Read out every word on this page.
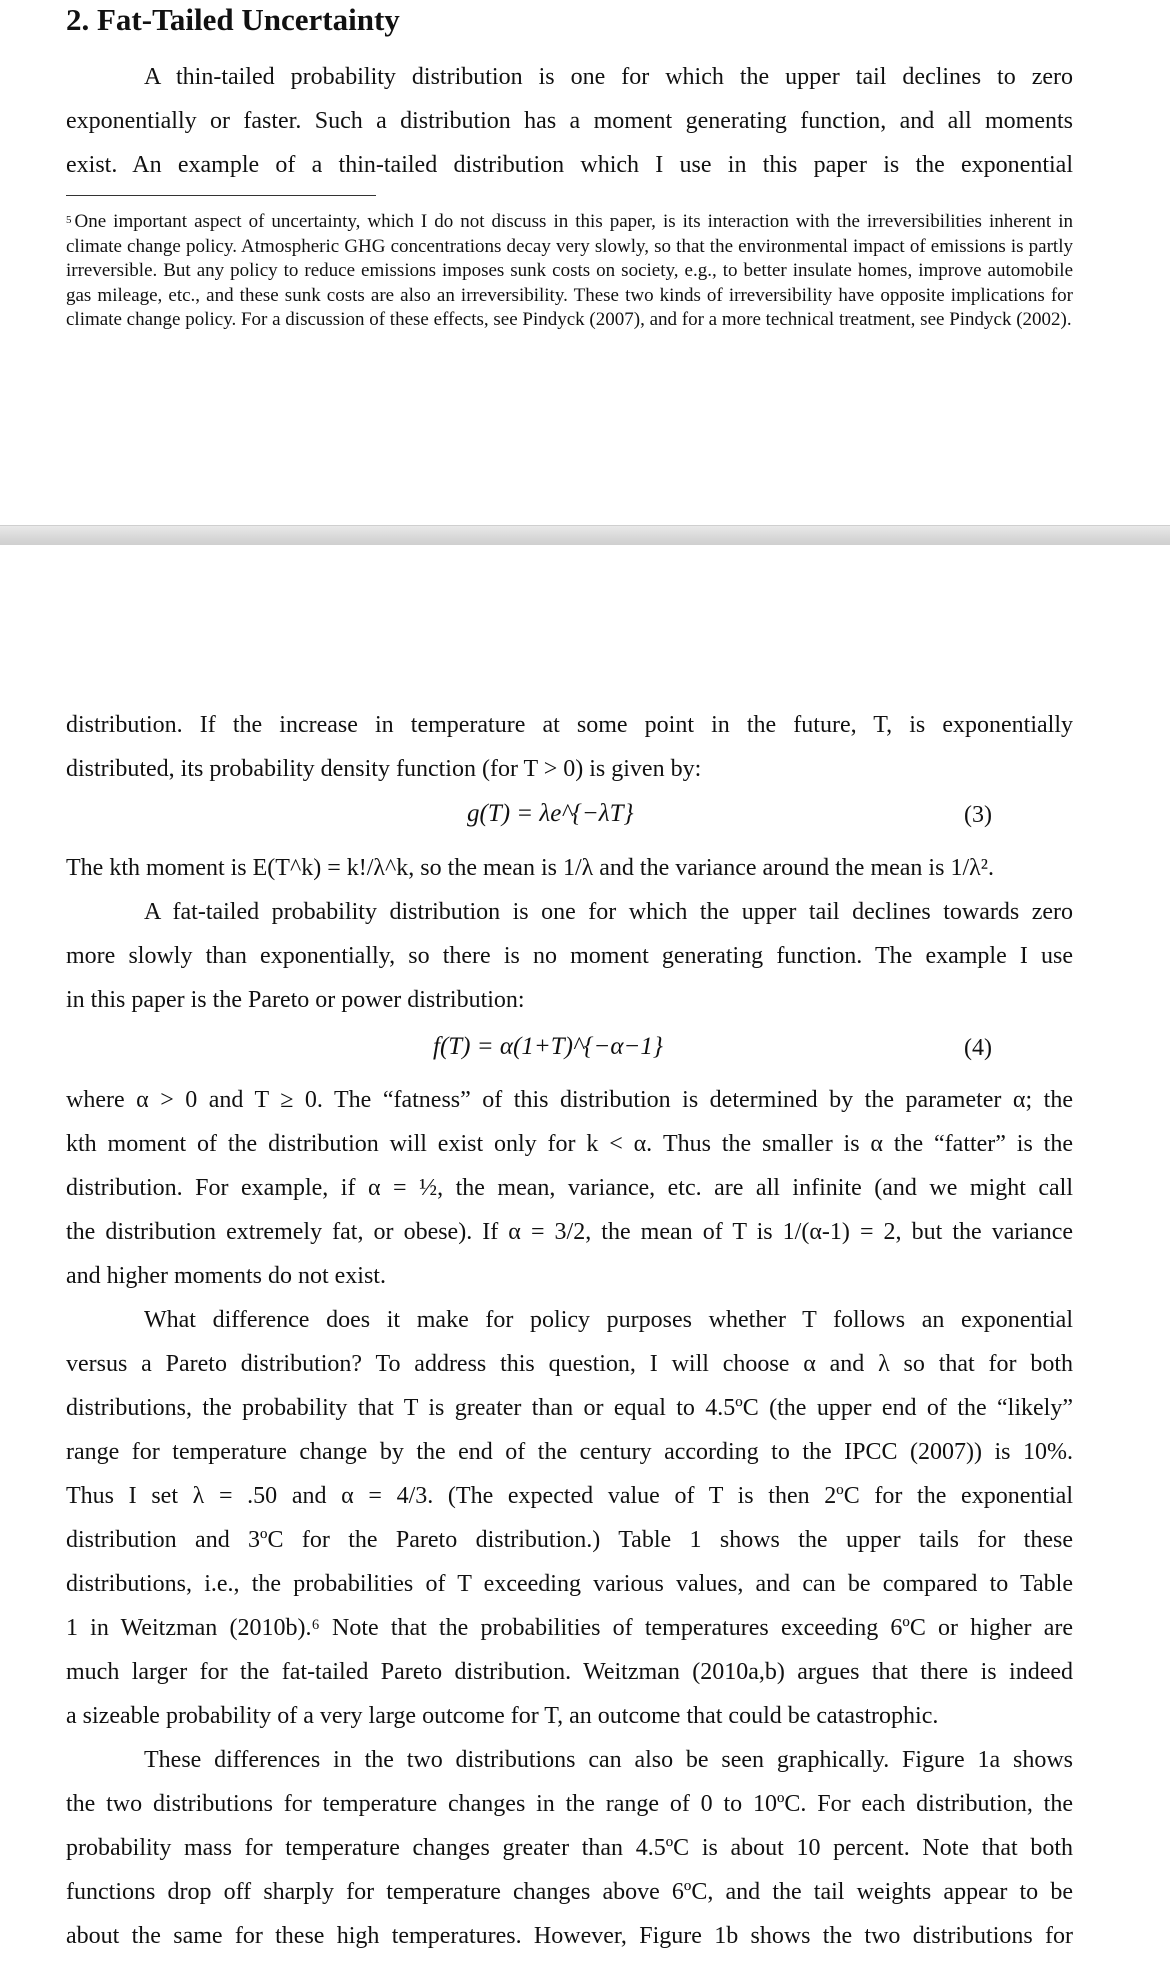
2. Fat-Tailed Uncertainty
A thin-tailed probability distribution is one for which the upper tail declines to zero
exponentially or faster. Such a distribution has a moment generating function, and all moments
exist. An example of a thin-tailed distribution which I use in this paper is the exponential

$^5$ One important aspect of uncertainty, which I do not discuss in this paper, is its interaction with the irreversibilities inherent in climate change policy. Atmospheric GHG concentrations decay very slowly, so that the environmental impact of emissions is partly irreversible. But any policy to reduce emissions imposes sunk costs on society, e.g., to better insulate homes, improve automobile gas mileage, etc., and these sunk costs are also an irreversibility. These two kinds of irreversibility have opposite implications for climate change policy. For a discussion of these effects, see Pindyck (2007), and for a more technical treatment, see Pindyck (2002).

distribution. If the increase in temperature at some point in the future, T, is exponentially
distributed, its probability density function (for T > 0) is given by:
g(T) = λe^{−λT}	(3)
The kth moment is E(T^k) = k!/λ^k, so the mean is 1/λ and the variance around the mean is 1/λ².
A fat-tailed probability distribution is one for which the upper tail declines towards zero
more slowly than exponentially, so there is no moment generating function. The example I use
in this paper is the Pareto or power distribution:
f(T) = α(1+T)^{−α−1}	(4)
where α > 0 and T ≥ 0. The “fatness” of this distribution is determined by the parameter α; the
kth moment of the distribution will exist only for k < α. Thus the smaller is α the “fatter” is the
distribution. For example, if α = ½, the mean, variance, etc. are all infinite (and we might call
the distribution extremely fat, or obese). If α = 3/2, the mean of T is 1/(α-1) = 2, but the variance
and higher moments do not exist.
What difference does it make for policy purposes whether T follows an exponential
versus a Pareto distribution? To address this question, I will choose α and λ so that for both
distributions, the probability that T is greater than or equal to 4.5ºC (the upper end of the “likely”
range for temperature change by the end of the century according to the IPCC (2007)) is 10%.
Thus I set λ = .50 and α = 4/3. (The expected value of T is then 2ºC for the exponential
distribution and 3ºC for the Pareto distribution.) Table 1 shows the upper tails for these
distributions, i.e., the probabilities of T exceeding various values, and can be compared to Table
1 in Weitzman (2010b).⁶ Note that the probabilities of temperatures exceeding 6ºC or higher are
much larger for the fat-tailed Pareto distribution. Weitzman (2010a,b) argues that there is indeed
a sizeable probability of a very large outcome for T, an outcome that could be catastrophic.
These differences in the two distributions can also be seen graphically. Figure 1a shows
the two distributions for temperature changes in the range of 0 to 10ºC. For each distribution, the
probability mass for temperature changes greater than 4.5ºC is about 10 percent. Note that both
functions drop off sharply for temperature changes above 6ºC, and the tail weights appear to be
about the same for these high temperatures. However, Figure 1b shows the two distributions for
